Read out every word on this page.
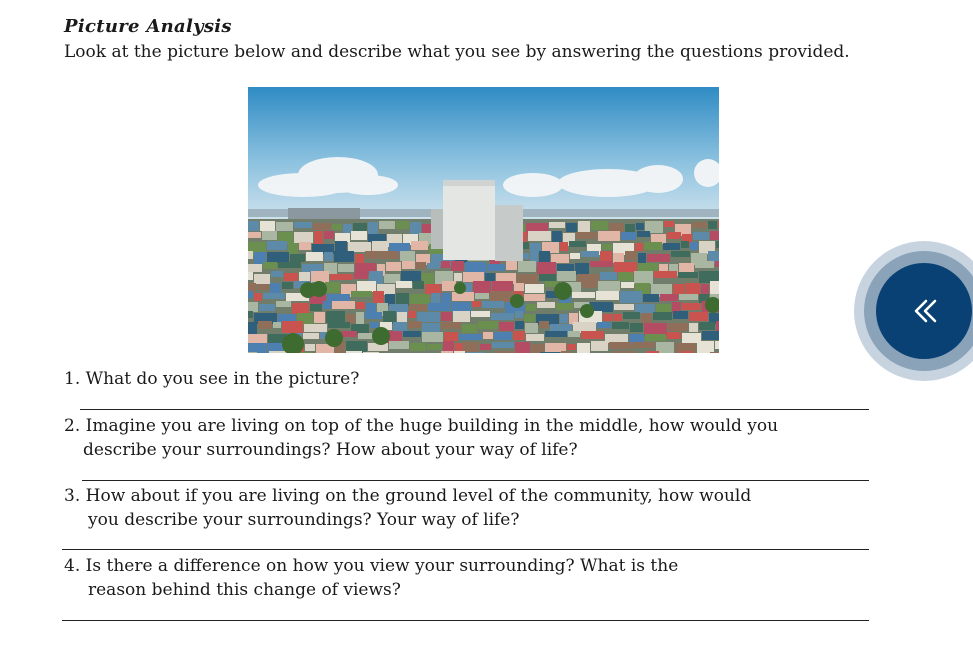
Picture Analysis
Look at the picture below and describe what you see by answering the questions provided.
1. What do you see in the picture?
2. Imagine you are living on top of the huge building in the middle, how would you
describe your surroundings? How about your way of life?
3. How about if you are living on the ground level of the community, how would
you describe your surroundings? Your way of life?
4. Is there a difference on how you view your surrounding? What is the
reason behind this change of views?
